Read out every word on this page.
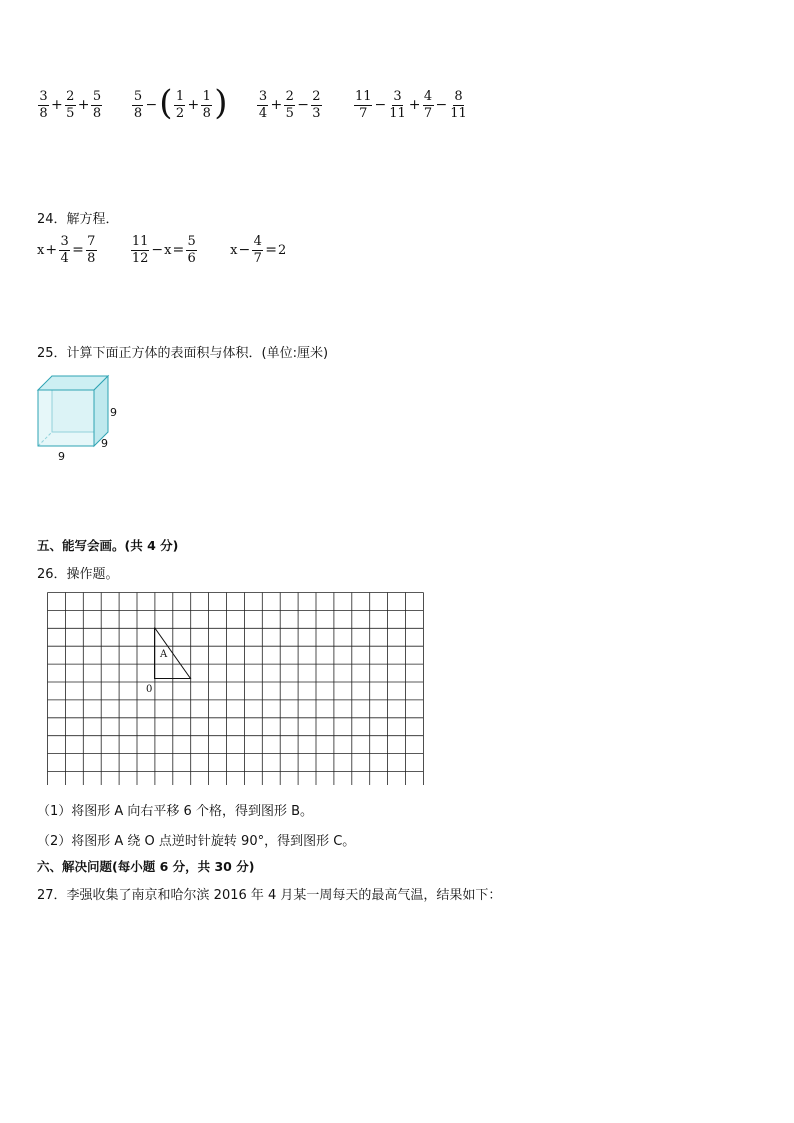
$\frac{3}{8} + \frac{2}{5} + \frac{5}{8} \frac{5}{8}$ − ( $\frac{1}{2} + \frac{1}{8}$ ) $\frac{3}{4} + \frac{2}{5} - \frac{2}{3} \frac{11}{7} - \frac{3}{11} + \frac{4}{7} - \frac{8}{11}$
24．解方程．
$x + \frac{3}{4} = \frac{7}{8}$	$\frac{11}{12} - x = \frac{5}{6}$	$x - \frac{4}{7} = 2$
25．计算下面正方体的表面积与体积．(单位:厘米)
9
9
9
五、能写会画。(共 4 分)
26．操作题。
A
0
（1）将图形 A 向右平移 6 个格，得到图形 B。
（2）将图形 A 绕 O 点逆时针旋转 90°，得到图形 C。
六、解决问题(每小题 6 分，共 30 分)
27．李强收集了南京和哈尔滨 2016 年 4 月某一周每天的最高气温，结果如下：
